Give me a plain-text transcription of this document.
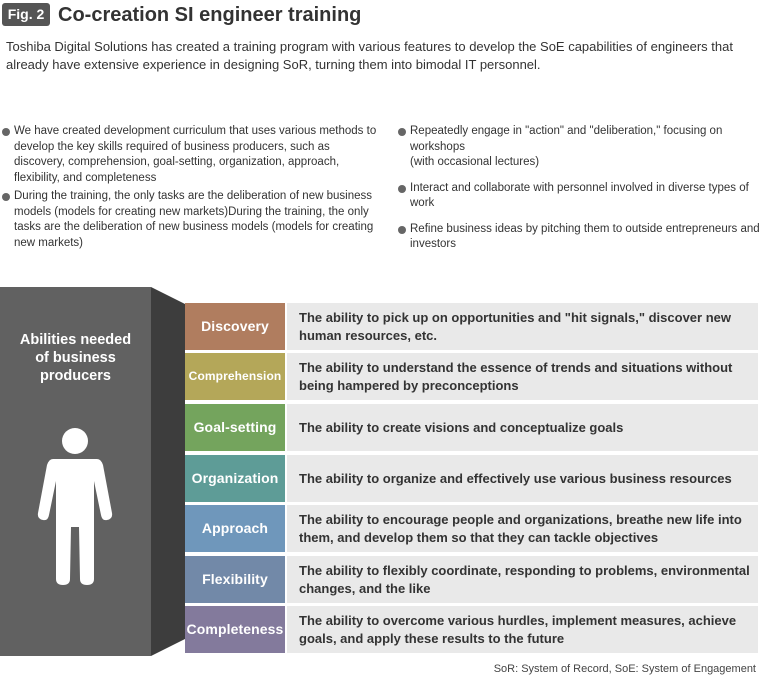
Fig. 2 Co-creation SI engineer training
Toshiba Digital Solutions has created a training program with various features to develop the SoE capabilities of engineers that already have extensive experience in designing SoR, turning them into bimodal IT personnel.
We have created development curriculum that uses various methods to develop the key skills required of business producers, such as discovery, comprehension, goal-setting, organization, approach, flexibility, and completeness
During the training, the only tasks are the deliberation of new business models (models for creating new markets)During the training, the only tasks are the deliberation of new business models (models for creating new markets)
Repeatedly engage in "action" and "deliberation," focusing on workshops
(with occasional lectures)
Interact and collaborate with personnel involved in diverse types of work
Refine business ideas by pitching them to outside entrepreneurs and investors
Abilities needed
of business
producers
Discovery
The ability to pick up on opportunities and "hit signals," discover new human resources, etc.
Comprehension
The ability to understand the essence of trends and situations without being hampered by preconceptions
Goal-setting	The ability to create visions and conceptualize goals
Organization	The ability to organize and effectively use various business resources
Approach
The ability to encourage people and organizations, breathe new life into them, and develop them so that they can tackle objectives
Flexibility
The ability to flexibly coordinate, responding to problems, environmental changes, and the like
Completeness
The ability to overcome various hurdles, implement measures, achieve goals, and apply these results to the future
SoR: System of Record, SoE: System of Engagement
